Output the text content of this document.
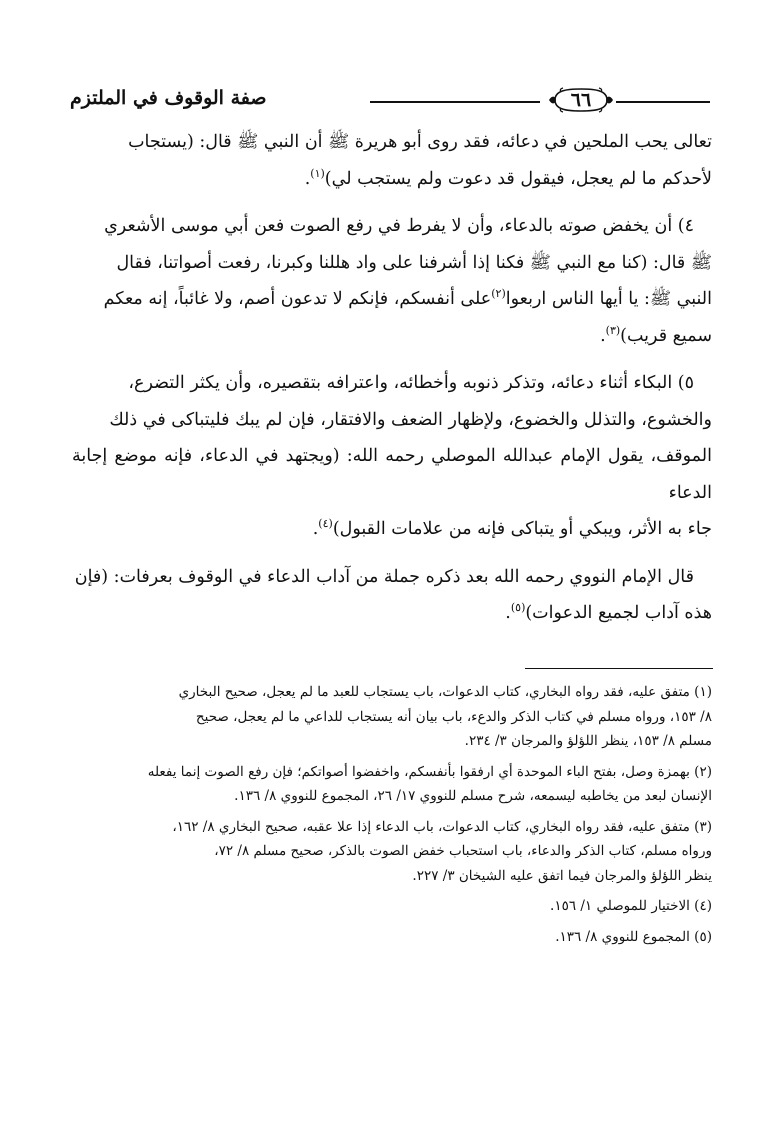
٦٦
صفة الوقوف في الملتزم

تعالى يحب الملحين في دعائه، فقد روى أبو هريرة ﷺ أن النبي ﷺ قال: (يستجاب

لأحدكم ما لم يعجل، فيقول قد دعوت ولم يستجب لي)$^{(١)}$.

٤) أن يخفض صوته بالدعاء، وأن لا يفرط في رفع الصوت فعن أبي موسى الأشعري

ﷺ قال: (كنا مع النبي ﷺ فكنا إذا أشرفنا على واد هللنا وكبرنا، رفعت أصواتنا، فقال

النبي ﷺ: يا أيها الناس اربعوا$^{(٢)}$على أنفسكم، فإنكم لا تدعون أصم، ولا غائباً، إنه معكم

سميع قريب)$^{(٣)}$.

٥) البكاء أثناء دعائه، وتذكر ذنوبه وأخطائه، واعترافه بتقصيره، وأن يكثر التضرع،

والخشوع، والتذلل والخضوع، ولإظهار الضعف والافتقار، فإن لم يبك فليتباكى في ذلك

الموقف، يقول الإمام عبدالله الموصلي رحمه الله: (ويجتهد في الدعاء، فإنه موضع إجابة الدعاء

جاء به الأثر، ويبكي أو يتباكى فإنه من علامات القبول)$^{(٤)}$.

قال الإمام النووي رحمه الله بعد ذكره جملة من آداب الدعاء في الوقوف بعرفات: (فإن

هذه آداب لجميع الدعوات)$^{(٥)}$.

(١) متفق عليه، فقد رواه البخاري، كتاب الدعوات، باب يستجاب للعبد ما لم يعجل، صحيح البخاري
٨/ ١٥٣، ورواه مسلم في كتاب الذكر والدعء، باب بيان أنه يستجاب للداعي ما لم يعجل، صحيح
مسلم ٨/ ١٥٣، ينظر اللؤلؤ والمرجان ٣/ ٢٣٤.

(٢) بهمزة وصل، بفتح الباء الموحدة أي ارفقوا بأنفسكم، واخفضوا أصواتكم؛ فإن رفع الصوت إنما يفعله
الإنسان لبعد من يخاطبه ليسمعه، شرح مسلم للنووي ١٧/ ٢٦، المجموع للنووي ٨/ ١٣٦.

(٣) متفق عليه، فقد رواه البخاري، كتاب الدعوات، باب الدعاء إذا علا عقبه، صحيح البخاري ٨/ ١٦٢،
ورواه مسلم، كتاب الذكر والدعاء، باب استحباب خفض الصوت بالذكر، صحيح مسلم ٨/ ٧٢،
ينظر اللؤلؤ والمرجان فيما اتفق عليه الشيخان ٣/ ٢٢٧.

(٤) الاختيار للموصلي ١/ ١٥٦.

(٥) المجموع للنووي ٨/ ١٣٦.
